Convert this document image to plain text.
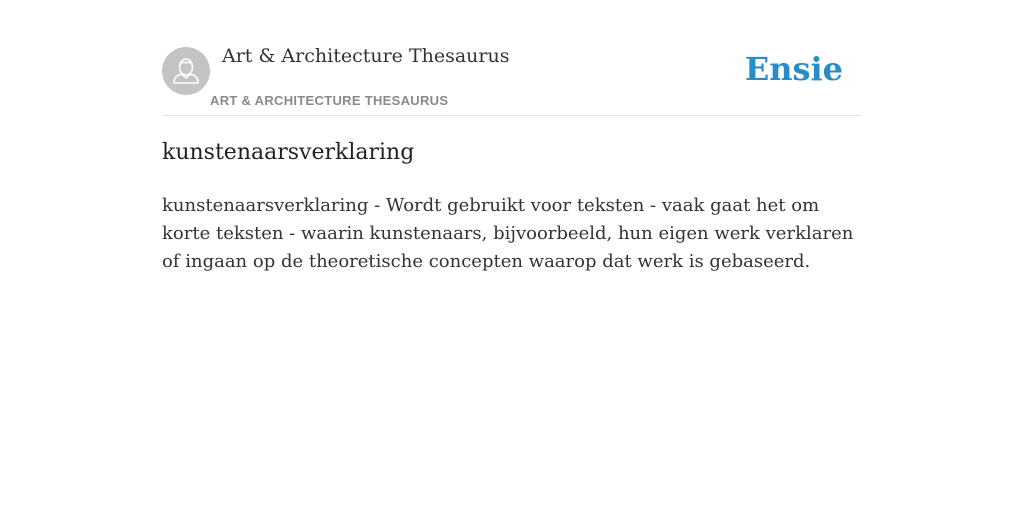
Art & Architecture Thesaurus
ART & ARCHITECTURE THESAURUS
Ensie
kunstenaarsverklaring

kunstenaarsverklaring - Wordt gebruikt voor teksten - vaak gaat het om korte teksten - waarin kunstenaars, bijvoorbeeld, hun eigen werk verklaren of ingaan op de theoretische concepten waarop dat werk is gebaseerd.
